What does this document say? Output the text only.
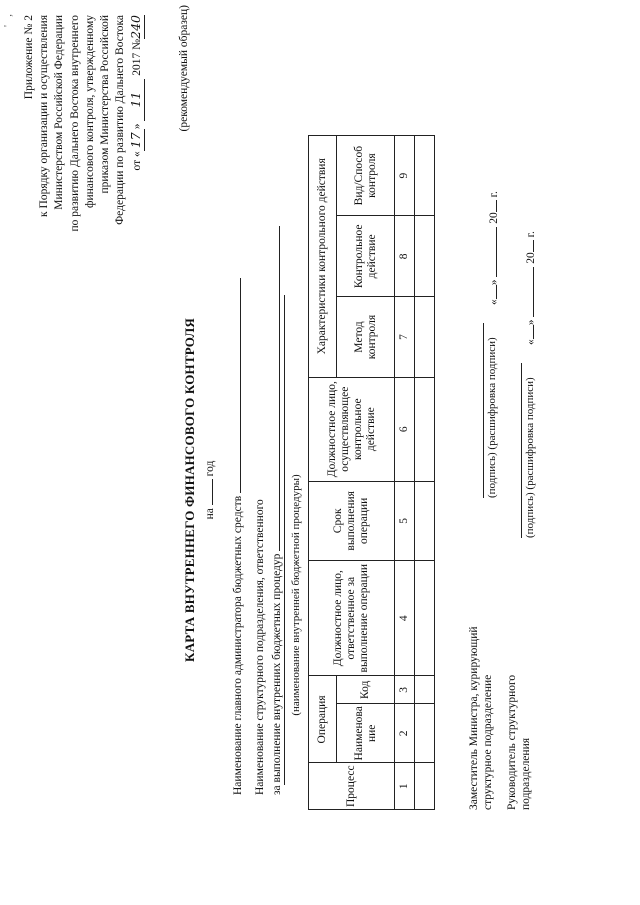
'   , Приложение № 2 к Порядку организации и осуществления Министерством Российской Федерации по развитию Дальнего Востока внутреннего финансового контроля, утвержденному приказом Министерства Российской Федерации по развитию Дальнего Востока от «17» 11 2017 №240	(рекомендуемый образец)
КАРТА ВНУТРЕННЕГО ФИНАНСОВОГО КОНТРОЛЯ на  год
Наименование главного администратора бюджетных средств Наименование структурного подразделения, ответственного за выполнение внутренних бюджетных процедур (наименование внутренней бюджетной процедуры)
Процесс	Операция		Должностное лицо, ответственное за выполнение операции	Срок выполнения операции	Должностное лицо, осуществляющее контрольное действие	Характеристики контрольного действия		
	Наименова ние	Код				Метод контроля	Контрольное действие	Вид/Способ контроля
1	2	3	4	5	6	7	8	9

Заместитель Министра, курирующий структурное подразделение
(подпись) (расшифровка подписи)
«»  20 г.
Руководитель структурного подразделения
(подпись) (расшифровка подписи)
«»  20 г.
